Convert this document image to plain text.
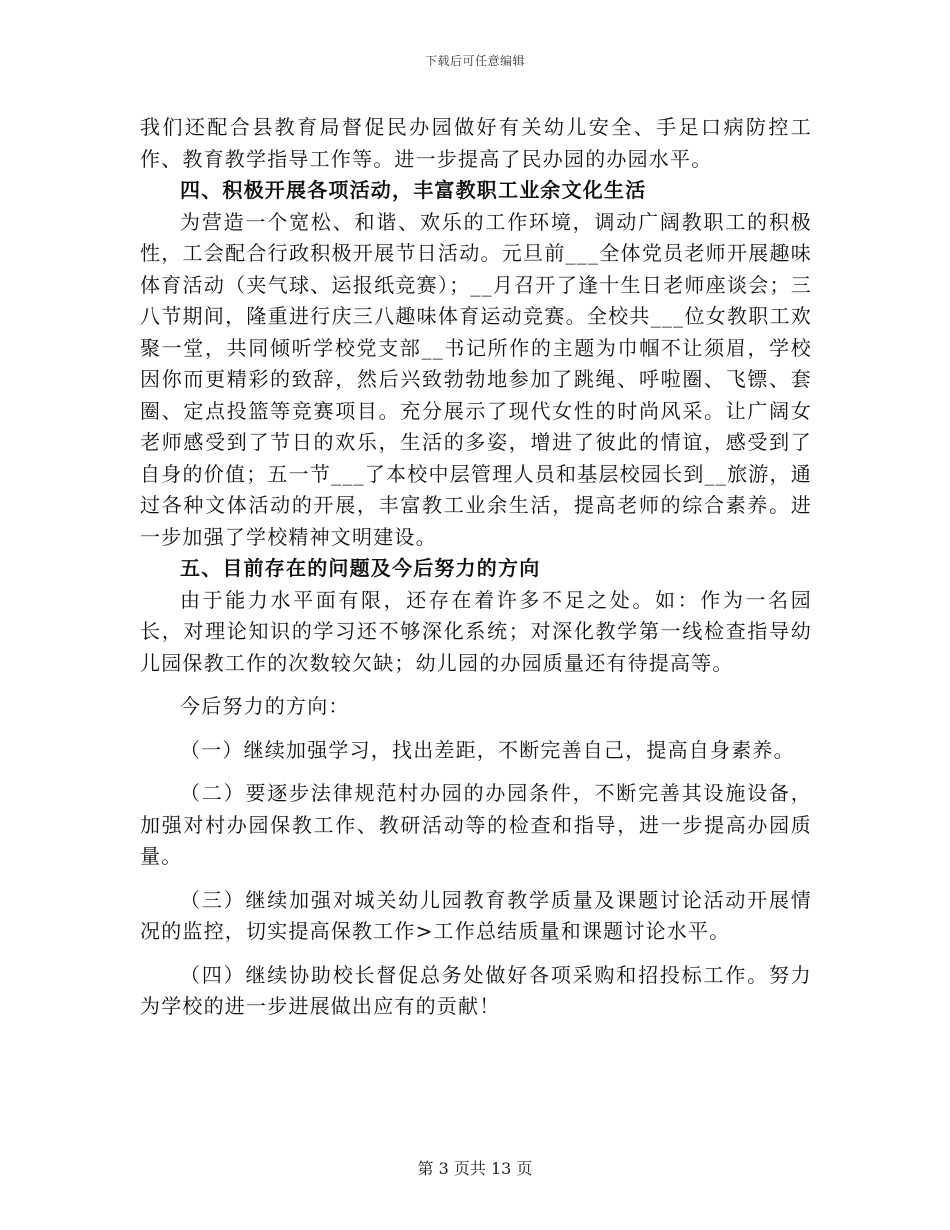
下载后可任意编辑

我们还配合县教育局督促民办园做好有关幼儿安全、手足口病防控工作、教育教学指导工作等。进一步提高了民办园的办园水平。

四、积极开展各项活动，丰富教职工业余文化生活

为营造一个宽松、和谐、欢乐的工作环境，调动广阔教职工的积极性，工会配合行政积极开展节日活动。元旦前___全体党员老师开展趣味体育活动（夹气球、运报纸竞赛）；__月召开了逢十生日老师座谈会；三八节期间，隆重进行庆三八趣味体育运动竞赛。全校共___位女教职工欢聚一堂，共同倾听学校党支部__书记所作的主题为巾帼不让须眉，学校因你而更精彩的致辞，然后兴致勃勃地参加了跳绳、呼啦圈、飞镖、套圈、定点投篮等竞赛项目。充分展示了现代女性的时尚风采。让广阔女老师感受到了节日的欢乐，生活的多姿，增进了彼此的情谊，感受到了自身的价值；五一节___了本校中层管理人员和基层校园长到__旅游，通过各种文体活动的开展，丰富教工业余生活，提高老师的综合素养。进一步加强了学校精神文明建设。

五、目前存在的问题及今后努力的方向

由于能力水平面有限，还存在着许多不足之处。如：作为一名园长，对理论知识的学习还不够深化系统；对深化教学第一线检查指导幼儿园保教工作的次数较欠缺；幼儿园的办园质量还有待提高等。

今后努力的方向：

（一）继续加强学习，找出差距，不断完善自己，提高自身素养。

（二）要逐步法律规范村办园的办园条件，不断完善其设施设备，加强对村办园保教工作、教研活动等的检查和指导，进一步提高办园质量。

（三）继续加强对城关幼儿园教育教学质量及课题讨论活动开展情况的监控，切实提高保教工作>工作总结质量和课题讨论水平。

（四）继续协助校长督促总务处做好各项采购和招投标工作。努力为学校的进一步进展做出应有的贡献！

第 3 页共 13 页
